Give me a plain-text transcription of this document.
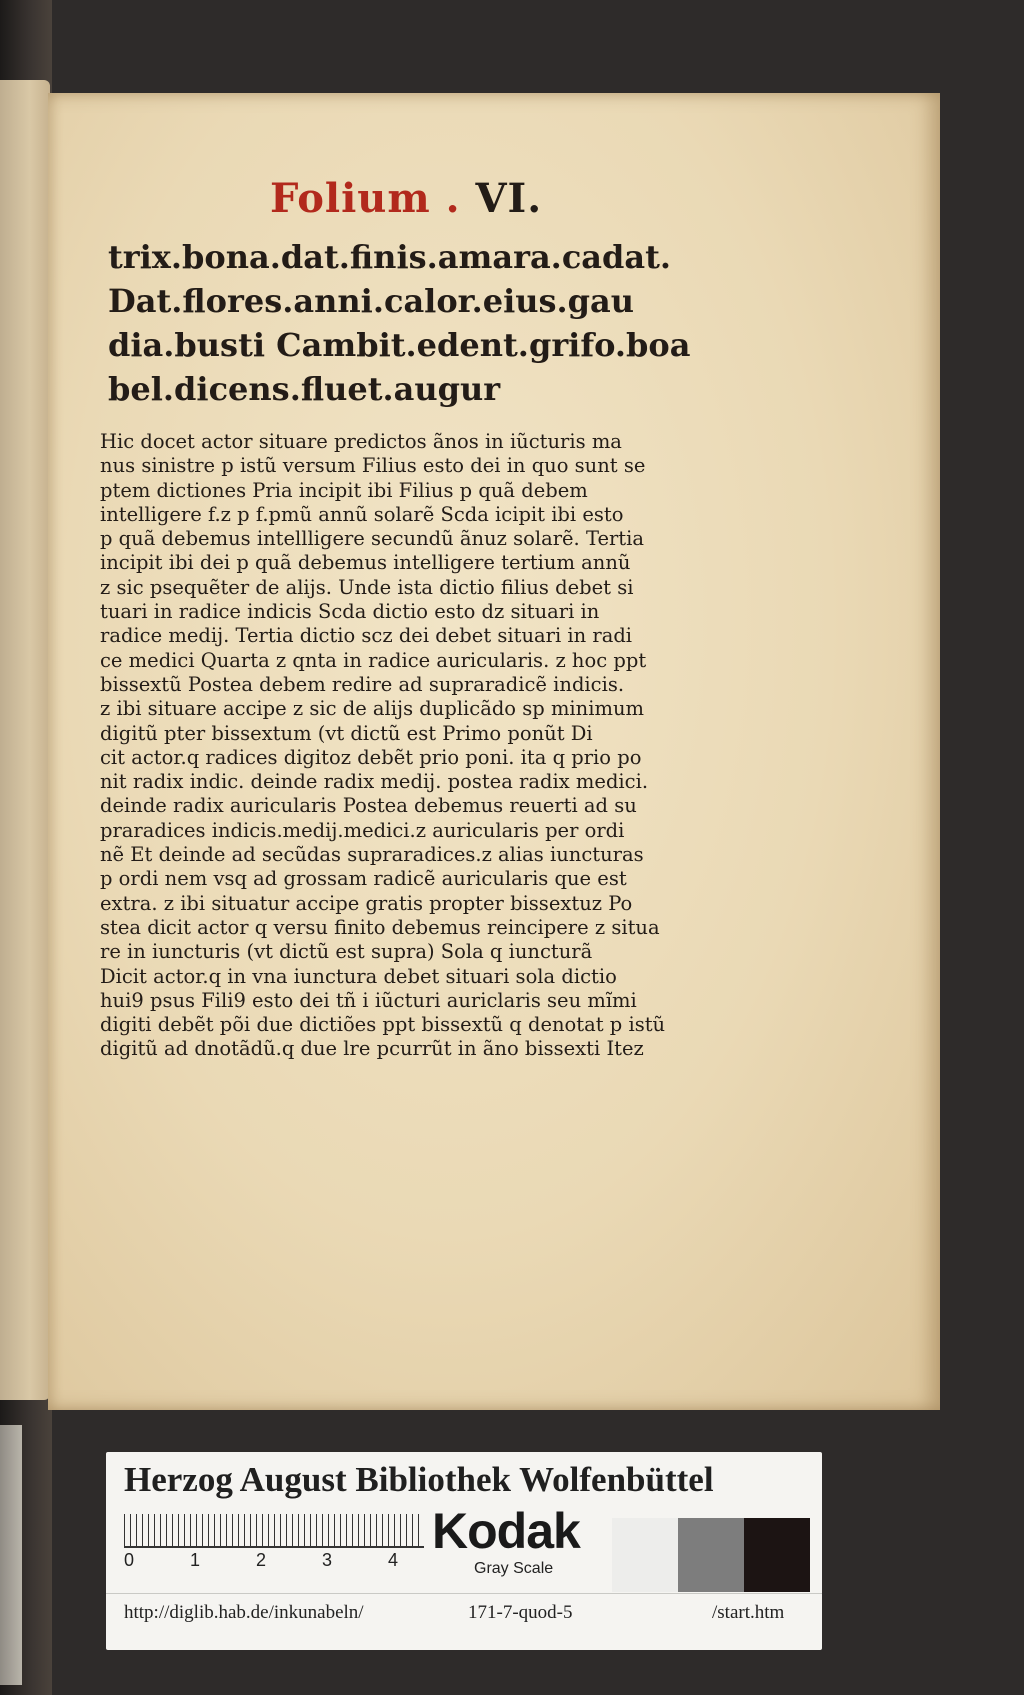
Folium . VI.
trix.bona.dat.finis.amara.cadat.
Dat.flores.anni.calor.eius.gau
dia.busti Cambit.edent.grifo.boa
bel.dicens.fluet.augur
Hic docet actor situare predictos ãnos in iũcturis ma
nus sinistre p istũ versum Filius esto dei in quo sunt se
ptem dictiones Pria incipit ibi Filius p quã debem
intelligere f.z p f.pmũ annũ solarẽ Scda icipit ibi esto
p quã debemus intellligere secundũ ãnuz solarẽ. Tertia
incipit ibi dei p quã debemus intelligere tertium annũ
z sic psequẽter de alijs. Unde ista dictio filius debet si
tuari in radice indicis Scda dictio esto dz situari in
radice medij. Tertia dictio scz dei debet situari in radi
ce medici Quarta z qnta in radice auricularis. z hoc ppt
bissextũ Postea debem redire ad supraradicẽ indicis.
z ibi situare accipe z sic de alijs duplicãdo sp minimum
digitũ pter bissextum (vt dictũ est Primo ponũt Di
cit actor.q radices digitoz debẽt prio poni. ita q prio po
nit radix indic. deinde radix medij. postea radix medici.
deinde radix auricularis Postea debemus reuerti ad su
praradices indicis.medij.medici.z auricularis per ordi
nẽ Et deinde ad secũdas supraradices.z alias iuncturas
p ordi nem vsq ad grossam radicẽ auricularis que est
extra. z ibi situatur accipe gratis propter bissextuz Po
stea dicit actor q versu finito debemus reincipere z situa
re in iuncturis (vt dictũ est supra) Sola q iuncturã
Dicit actor.q in vna iunctura debet situari sola dictio
hui9 psus Fili9 esto dei tñ i iũcturi auriclaris seu mĩmi
digiti debẽt põi due dictiões ppt bissextũ q denotat p istũ
digitũ ad dnotãdũ.q due lre pcurrũt in ãno bissexti Itez
Herzog August Bibliothek Wolfenbüttel
0	1	2	3	4
Kodak
Gray Scale
http://diglib.hab.de/inkunabeln/	171-7-quod-5	/start.htm
